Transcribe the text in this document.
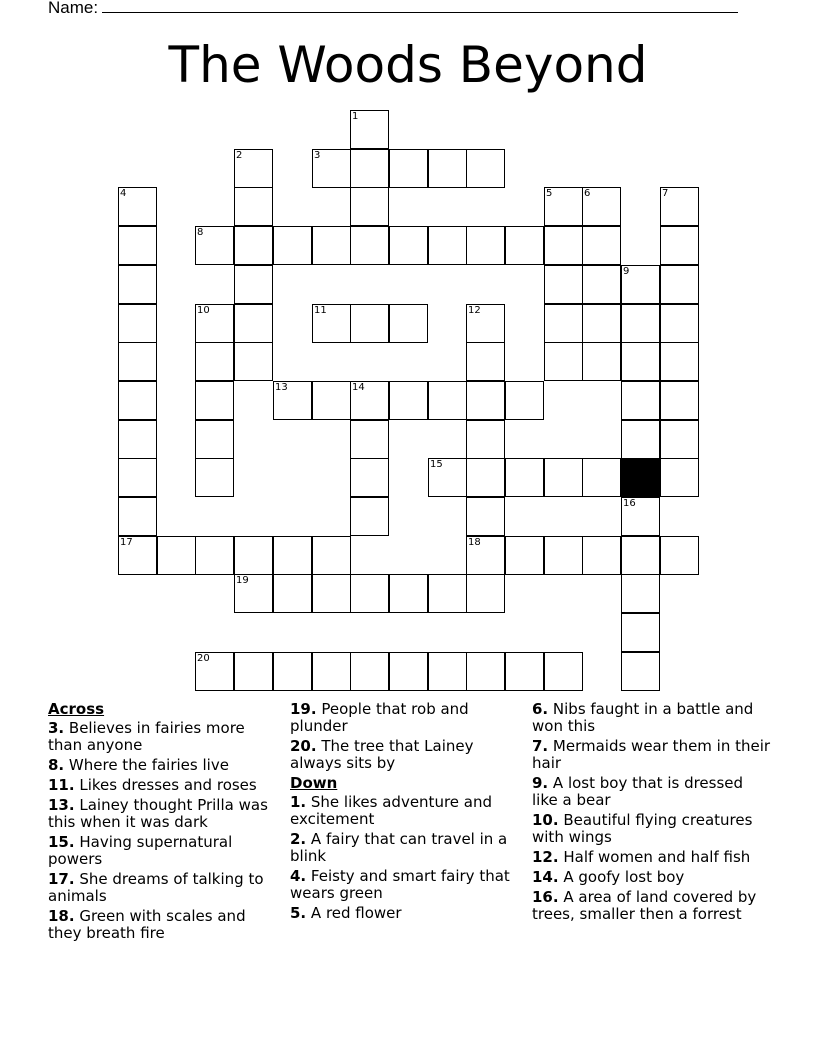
Name:
The Woods Beyond
1
2	3
4	5	6	7
8
9
10	11	12
13	14
15
16
17	18
19
20
Across
3. Believes in fairies more than anyone
8. Where the fairies live
11. Likes dresses and roses
13. Lainey thought Prilla was this when it was dark
15. Having supernatural powers
17. She dreams of talking to animals
18. Green with scales and they breath fire
19. People that rob and plunder
20. The tree that Lainey always sits by
Down
1. She likes adventure and excitement
2. A fairy that can travel in a blink
4. Feisty and smart fairy that wears green
5. A red flower
6. Nibs faught in a battle and won this
7. Mermaids wear them in their hair
9. A lost boy that is dressed like a bear
10. Beautiful flying creatures with wings
12. Half women and half fish
14. A goofy lost boy
16. A area of land covered by trees, smaller then a forrest
